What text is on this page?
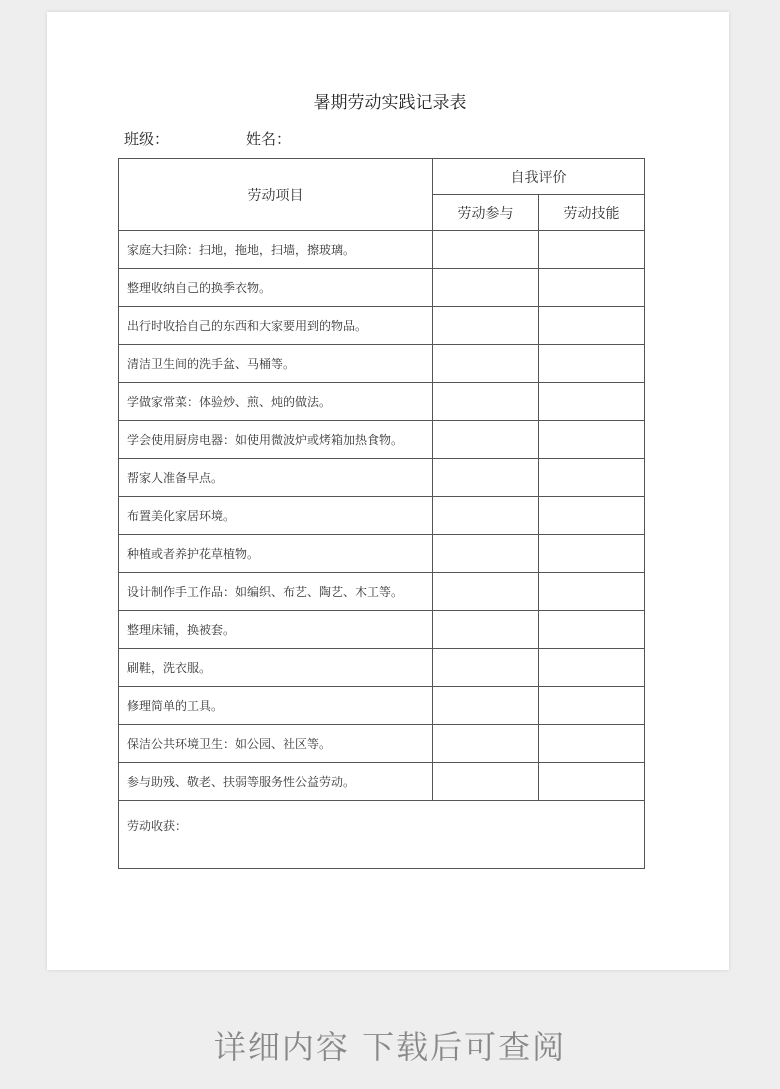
暑期劳动实践记录表
班级：	姓名：
劳动项目	自我评价	
	劳动参与	劳动技能
家庭大扫除：扫地，拖地，扫墙，擦玻璃。		
整理收纳自己的换季衣物。		
出行时收拾自己的东西和大家要用到的物品。		
清洁卫生间的洗手盆、马桶等。		
学做家常菜：体验炒、煎、炖的做法。		
学会使用厨房电器：如使用微波炉或烤箱加热食物。		
帮家人准备早点。		
布置美化家居环境。		
种植或者养护花草植物。		
设计制作手工作品：如编织、布艺、陶艺、木工等。		
整理床铺，换被套。		
刷鞋，洗衣服。		
修理简单的工具。		
保洁公共环境卫生：如公园、社区等。		
参与助残、敬老、扶弱等服务性公益劳动。		
劳动收获：		
详细内容 下载后可查阅
